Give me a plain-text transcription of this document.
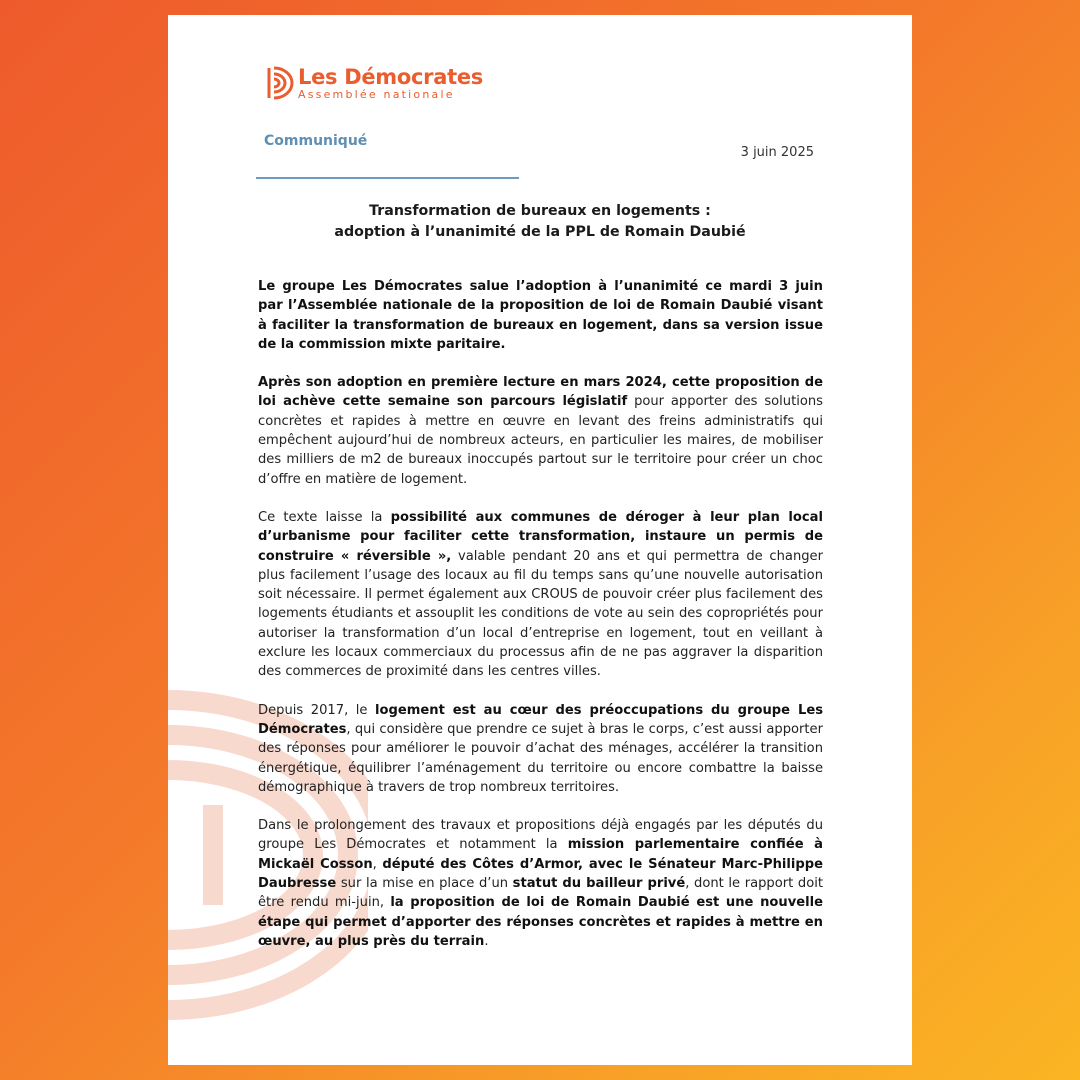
Les Démocrates
Assemblée nationale
Communiqué
3 juin 2025
Transformation de bureaux en logements :
adoption à l’unanimité de la PPL de Romain Daubié

Le groupe Les Démocrates salue l’adoption à l’unanimité ce mardi 3 juin par l’Assemblée nationale de la proposition de loi de Romain Daubié visant à faciliter la transformation de bureaux en logement, dans sa version issue de la commission mixte paritaire.

Après son adoption en première lecture en mars 2024, cette proposition de loi achève cette semaine son parcours législatif pour apporter des solutions concrètes et rapides à mettre en œuvre en levant des freins administratifs qui empêchent aujourd’hui de nombreux acteurs, en particulier les maires, de mobiliser des milliers de m2 de bureaux inoccupés partout sur le territoire pour créer un choc d’offre en matière de logement.

Ce texte laisse la possibilité aux communes de déroger à leur plan local d’urbanisme pour faciliter cette transformation, instaure un permis de construire « réversible », valable pendant 20 ans et qui permettra de changer plus facilement l’usage des locaux au fil du temps sans qu’une nouvelle autorisation soit nécessaire. Il permet également aux CROUS de pouvoir créer plus facilement des logements étudiants et assouplit les conditions de vote au sein des copropriétés pour autoriser la transformation d’un local d’entreprise en logement, tout en veillant à exclure les locaux commerciaux du processus afin de ne pas aggraver la disparition des commerces de proximité dans les centres villes.

Depuis 2017, le logement est au cœur des préoccupations du groupe Les Démocrates, qui considère que prendre ce sujet à bras le corps, c’est aussi apporter des réponses pour améliorer le pouvoir d’achat des ménages, accélérer la transition énergétique, équilibrer l’aménagement du territoire ou encore combattre la baisse démographique à travers de trop nombreux territoires.

Dans le prolongement des travaux et propositions déjà engagés par les députés du groupe Les Démocrates et notamment la mission parlementaire confiée à Mickaël Cosson, député des Côtes d’Armor, avec le Sénateur Marc-Philippe Daubresse sur la mise en place d’un statut du bailleur privé, dont le rapport doit être rendu mi-juin, la proposition de loi de Romain Daubié est une nouvelle étape qui permet d’apporter des réponses concrètes et rapides à mettre en œuvre, au plus près du terrain.
